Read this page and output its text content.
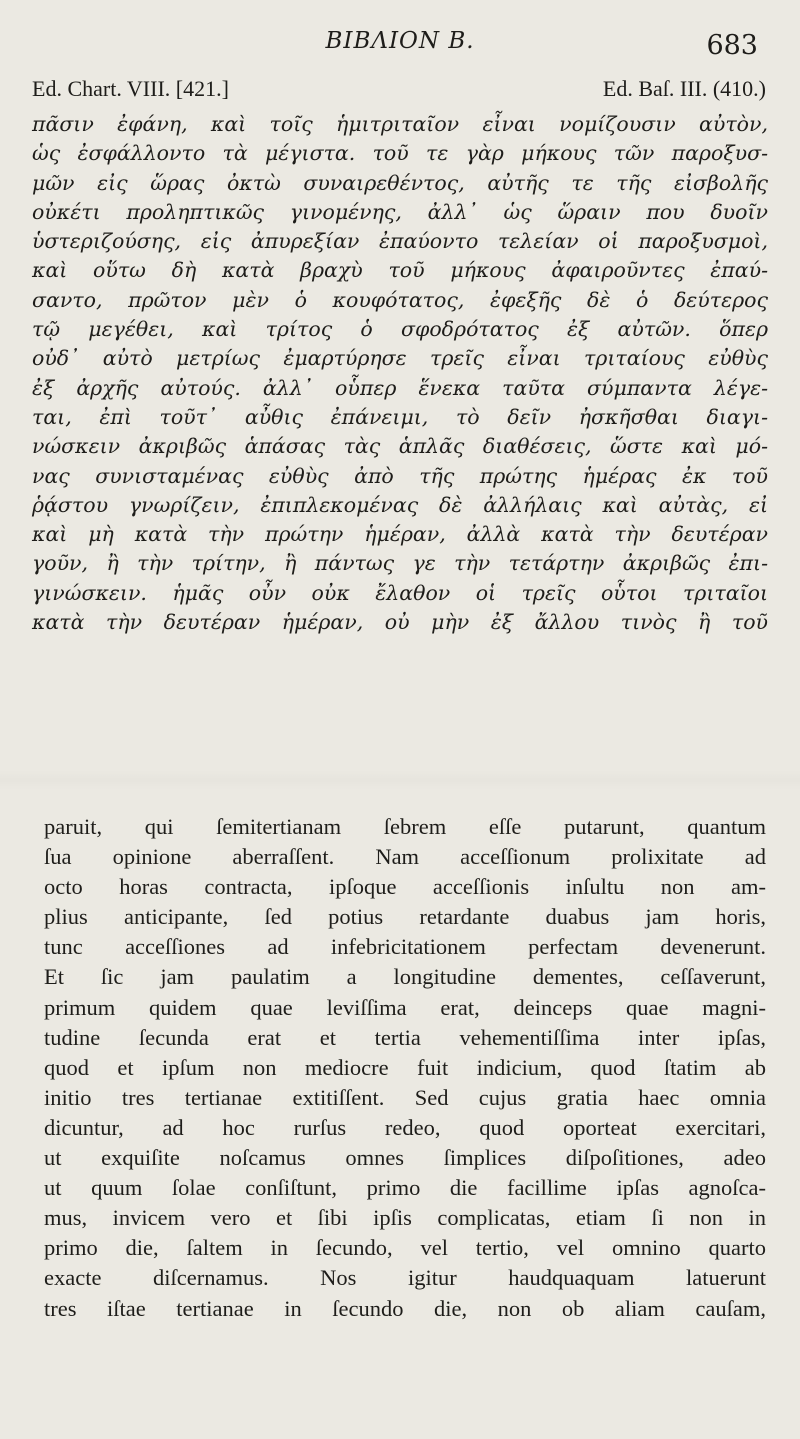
ΒΙΒΛΙΟΝ Β.	683
Ed. Chart. VIII. [421.]	Ed. Baſ. III. (410.)
πᾶσιν ἐφάνη, καὶ τοῖς ἡμιτριταῖον εἶναι νομίζουσιν αὐτὸν,
ὡς ἐσφάλλοντο τὰ μέγιστα. τοῦ τε γὰρ μήκους τῶν παροξυσ-
μῶν εἰς ὥρας ὀκτὼ συναιρεθέντος, αὐτῆς τε τῆς εἰσβολῆς
οὐκέτι προληπτικῶς γινομένης, ἀλλ᾽ ὡς ὥραιν που δυοῖν
ὑστεριζούσης, εἰς ἀπυρεξίαν ἐπαύοντο τελείαν οἱ παροξυσμοὶ,
καὶ οὕτω δὴ κατὰ βραχὺ τοῦ μήκους ἀφαιροῦντες ἐπαύ-
σαντο, πρῶτον μὲν ὁ κουφότατος, ἐφεξῆς δὲ ὁ δεύτερος
τῷ μεγέθει, καὶ τρίτος ὁ σφοδρότατος ἐξ αὐτῶν. ὅπερ
οὐδ᾽ αὐτὸ μετρίως ἐμαρτύρησε τρεῖς εἶναι τριταίους εὐθὺς
ἐξ ἀρχῆς αὐτούς. ἀλλ᾽ οὗπερ ἕνεκα ταῦτα σύμπαντα λέγε-
ται, ἐπὶ τοῦτ᾽ αὖθις ἐπάνειμι, τὸ δεῖν ἠσκῆσθαι διαγι-
νώσκειν ἀκριβῶς ἁπάσας τὰς ἁπλᾶς διαθέσεις, ὥστε καὶ μό-
νας συνισταμένας εὐθὺς ἀπὸ τῆς πρώτης ἡμέρας ἐκ τοῦ
ῥᾴστου γνωρίζειν, ἐπιπλεκομένας δὲ ἀλλήλαις καὶ αὐτὰς, εἰ
καὶ μὴ κατὰ τὴν πρώτην ἡμέραν, ἀλλὰ κατὰ τὴν δευτέραν
γοῦν, ἢ τὴν τρίτην, ἢ πάντως γε τὴν τετάρτην ἀκριβῶς ἐπι-
γινώσκειν. ἡμᾶς οὖν οὐκ ἔλαθον οἱ τρεῖς οὗτοι τριταῖοι
κατὰ τὴν δευτέραν ἡμέραν, οὐ μὴν ἐξ ἄλλου τινὸς ἢ τοῦ
paruit, qui ſemitertianam ſebrem eſſe putarunt, quantum
ſua opinione aberraſſent. Nam acceſſionum prolixitate ad
octo horas contracta, ipſoque acceſſionis inſultu non am-
plius anticipante, ſed potius retardante duabus jam horis,
tunc acceſſiones ad infebricitationem perfectam devenerunt.
Et ſic jam paulatim a longitudine dementes, ceſſaverunt,
primum quidem quae leviſſima erat, deinceps quae magni-
tudine ſecunda erat et tertia vehementiſſima inter ipſas,
quod et ipſum non mediocre fuit indicium, quod ſtatim ab
initio tres tertianae extitiſſent. Sed cujus gratia haec omnia
dicuntur, ad hoc rurſus redeo, quod oporteat exercitari,
ut exquiſite noſcamus omnes ſimplices diſpoſitiones, adeo
ut quum ſolae conſiſtunt, primo die facillime ipſas agnoſca-
mus, invicem vero et ſibi ipſis complicatas, etiam ſi non in
primo die, ſaltem in ſecundo, vel tertio, vel omnino quarto
exacte diſcernamus. Nos igitur haudquaquam latuerunt
tres iſtae tertianae in ſecundo die, non ob aliam cauſam,
